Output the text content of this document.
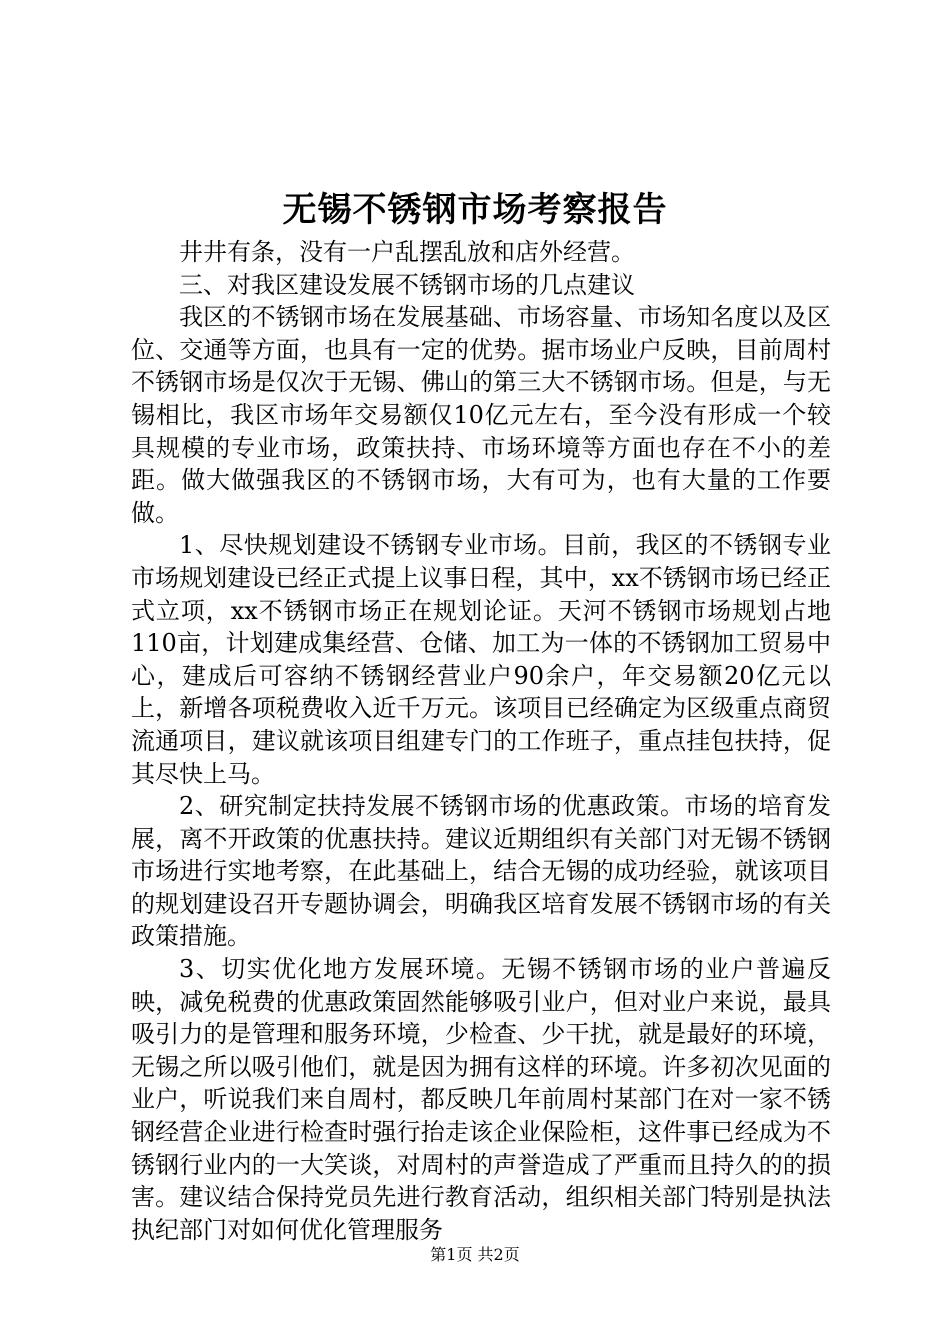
无锡不锈钢市场考察报告

井井有条，没有一户乱摆乱放和店外经营。

三、对我区建设发展不锈钢市场的几点建议

我区的不锈钢市场在发展基础、市场容量、市场知名度以及区位、交通等方面，也具有一定的优势。据市场业户反映，目前周村不锈钢市场是仅次于无锡、佛山的第三大不锈钢市场。但是，与无锡相比，我区市场年交易额仅10亿元左右，至今没有形成一个较具规模的专业市场，政策扶持、市场环境等方面也存在不小的差距。做大做强我区的不锈钢市场，大有可为，也有大量的工作要做。

1、尽快规划建设不锈钢专业市场。目前，我区的不锈钢专业市场规划建设已经正式提上议事日程，其中，xx不锈钢市场已经正式立项，xx不锈钢市场正在规划论证。天河不锈钢市场规划占地110亩，计划建成集经营、仓储、加工为一体的不锈钢加工贸易中心，建成后可容纳不锈钢经营业户90余户，年交易额20亿元以上，新增各项税费收入近千万元。该项目已经确定为区级重点商贸流通项目，建议就该项目组建专门的工作班子，重点挂包扶持，促其尽快上马。

2、研究制定扶持发展不锈钢市场的优惠政策。市场的培育发展，离不开政策的优惠扶持。建议近期组织有关部门对无锡不锈钢市场进行实地考察，在此基础上，结合无锡的成功经验，就该项目的规划建设召开专题协调会，明确我区培育发展不锈钢市场的有关政策措施。

3、切实优化地方发展环境。无锡不锈钢市场的业户普遍反映，减免税费的优惠政策固然能够吸引业户，但对业户来说，最具吸引力的是管理和服务环境，少检查、少干扰，就是最好的环境，无锡之所以吸引他们，就是因为拥有这样的环境。许多初次见面的业户，听说我们来自周村，都反映几年前周村某部门在对一家不锈钢经营企业进行检查时强行抬走该企业保险柜，这件事已经成为不锈钢行业内的一大笑谈，对周村的声誉造成了严重而且持久的的损害。建议结合保持党员先进行教育活动，组织相关部门特别是执法执纪部门对如何优化管理服务

第1页 共2页
